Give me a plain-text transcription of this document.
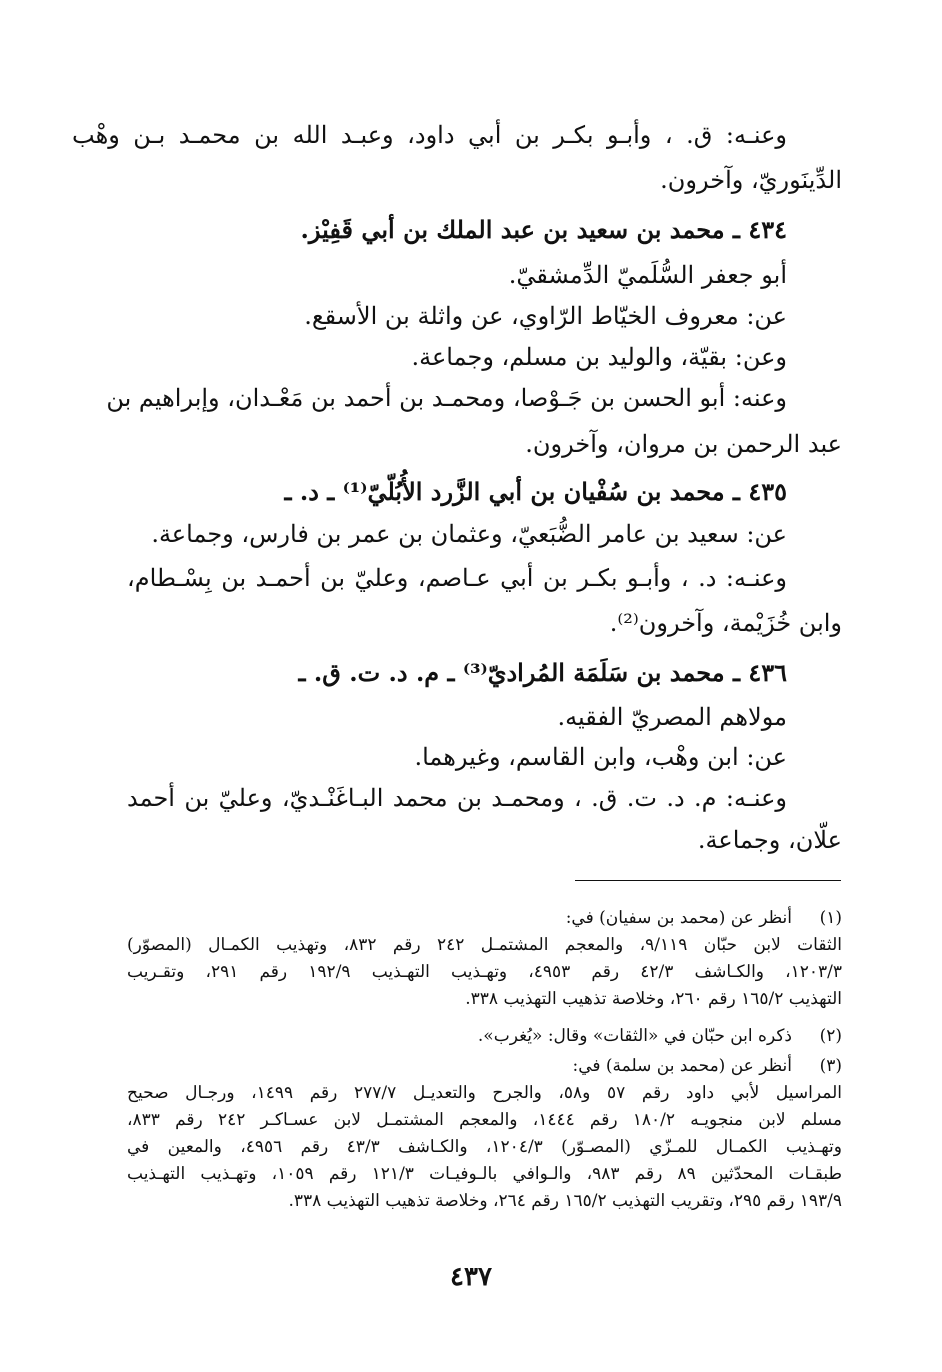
وعنـه: ق. ، وأبـو بكـر بن أبي داود، وعبـد الله بن محمـد بـن وهْب
الدِّينَوريّ، وآخرون.
٤٣٤ ـ محمد بن سعيد بن عبد الملك بن أبي قَفِيْز.
أبو جعفر السُّلَميّ الدِّمشقيّ.
عن: معروف الخيّاط الرّاوي، عن واثلة بن الأسقع.
وعن: بقيّة، والوليد بن مسلم، وجماعة.
وعنه: أبو الحسن بن جَـوْصا، ومحمـد بن أحمد بن مَعْـدان، وإبراهيم بن
عبد الرحمن بن مروان، وآخرون.
٤٣٥ ـ محمد بن سُفْيان بن أبي الزَّرد الأُبُلّيّ⁽¹⁾ ـ د. ـ
عن: سعيد بن عامر الضُّبَعيّ، وعثمان بن عمر بن فارس، وجماعة.
وعنـه: د. ، وأبـو بكـر بن أبي عـاصم، وعليّ بن أحمـد بن بِسْـطام،
وابن خُزَيْمة، وآخرون⁽²⁾.
٤٣٦ ـ محمد بن سَلَمَة المُراديّ⁽³⁾ ـ م. د. ت. ق. ـ
مولاهم المصريّ الفقيه.
عن: ابن وهْب، وابن القاسم، وغيرهما.
وعنـه: م. د. ت. ق. ، ومحمـد بن محمد البـاغَنْـديّ، وعليّ بن أحمد
علّان، وجماعة.
(١)
أنظر عن (محمد بن سفيان) في:
الثقات لابن حبّان ٩/١١٩، والمعجم المشتمـل ٢٤٢ رقم ٨٣٢، وتهذيب الكمـال (المصوّر)
١٢٠٣/٣، والكـاشف ٤٢/٣ رقم ٤٩٥٣، وتهـذيب التهـذيب ١٩٢/٩ رقم ٢٩١، وتقـريب
التهذيب ١٦٥/٢ رقم ٢٦٠، وخلاصة تذهيب التهذيب ٣٣٨.
(٢)
ذكره ابن حبّان في «الثقات» وقال: «يُغرب».
(٣)
أنظر عن (محمد بن سلمة) في:
المراسيل لأبي داود رقم ٥٧ و٥٨، والجرح والتعديـل ٢٧٧/٧ رقم ١٤٩٩، ورجـال صحيح
مسلم لابن منجويـه ١٨٠/٢ رقم ١٤٤٤، والمعجم المشتمـل لابن عسـاكـر ٢٤٢ رقم ٨٣٣،
وتهـذيب الكمـال للمـزّي (المصـوّر) ١٢٠٤/٣، والكـاشف ٤٣/٣ رقم ٤٩٥٦، والمعين في
طبقـات المحدّثين ٨٩ رقم ٩٨٣، والـوافي بالـوفيـات ١٢١/٣ رقم ١٠٥٩، وتهـذيب التهـذيب
١٩٣/٩ رقم ٢٩٥، وتقريب التهذيب ١٦٥/٢ رقم ٢٦٤، وخلاصة تذهيب التهذيب ٣٣٨.
٤٣٧
